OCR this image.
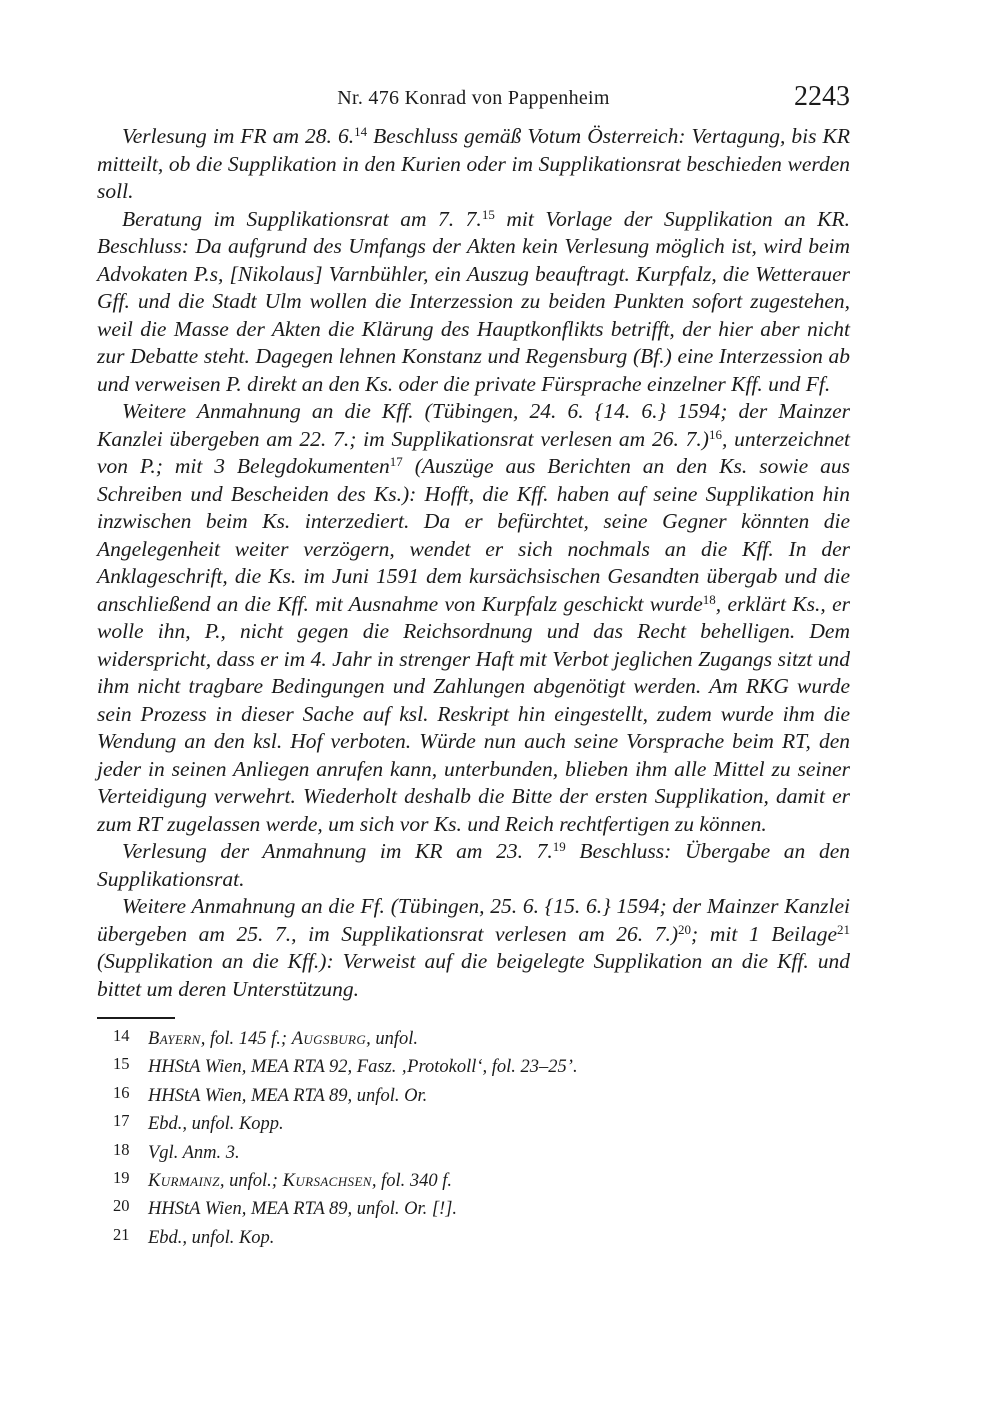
Nr. 476 Konrad von Pappenheim	2243

Verlesung im FR am 28. 6.14 Beschluss gemäß Votum Österreich: Vertagung, bis KR mitteilt, ob die Supplikation in den Kurien oder im Supplikationsrat beschieden werden soll.

Beratung im Supplikationsrat am 7. 7.15 mit Vorlage der Supplikation an KR. Beschluss: Da aufgrund des Umfangs der Akten kein Verlesung möglich ist, wird beim Advokaten P.s, [Nikolaus] Varnbühler, ein Auszug beauftragt. Kurpfalz, die Wetterauer Gff. und die Stadt Ulm wollen die Interzession zu beiden Punkten sofort zugestehen, weil die Masse der Akten die Klärung des Hauptkonflikts betrifft, der hier aber nicht zur Debatte steht. Dagegen lehnen Konstanz und Regensburg (Bf.) eine Interzession ab und verweisen P. direkt an den Ks. oder die private Fürsprache einzelner Kff. und Ff.

Weitere Anmahnung an die Kff. (Tübingen, 24. 6. {14. 6.} 1594; der Mainzer Kanzlei übergeben am 22. 7.; im Supplikationsrat verlesen am 26. 7.)$^{16}$, unterzeichnet von P.; mit 3 Belegdokumenten$^{17}$ (Auszüge aus Berichten an den Ks. sowie aus Schreiben und Bescheiden des Ks.): Hofft, die Kff. haben auf seine Supplikation hin inzwischen beim Ks. interzediert. Da er befürchtet, seine Gegner könnten die Angelegenheit weiter verzögern, wendet er sich nochmals an die Kff. In der Anklageschrift, die Ks. im Juni 1591 dem kursächsischen Gesandten übergab und die anschließend an die Kff. mit Ausnahme von Kurpfalz geschickt wurde$^{18}$, erklärt Ks., er wolle ihn, P., nicht gegen die Reichsordnung und das Recht behelligen. Dem widerspricht, dass er im 4. Jahr in strenger Haft mit Verbot jeglichen Zugangs sitzt und ihm nicht tragbare Bedingungen und Zahlungen abgenötigt werden. Am RKG wurde sein Prozess in dieser Sache auf ksl. Reskript hin eingestellt, zudem wurde ihm die Wendung an den ksl. Hof verboten. Würde nun auch seine Vorsprache beim RT, den jeder in seinen Anliegen anrufen kann, unterbunden, blieben ihm alle Mittel zu seiner Verteidigung verwehrt. Wiederholt deshalb die Bitte der ersten Supplikation, damit er zum RT zugelassen werde, um sich vor Ks. und Reich rechtfertigen zu können.

Verlesung der Anmahnung im KR am 23. 7.19 Beschluss: Übergabe an den Supplikationsrat.

Weitere Anmahnung an die Ff. (Tübingen, 25. 6. {15. 6.} 1594; der Mainzer Kanzlei übergeben am 25. 7., im Supplikationsrat verlesen am 26. 7.)$^{20}$; mit 1 Beilage$^{21}$ (Supplikation an die Kff.): Verweist auf die beigelegte Supplikation an die Kff. und bittet um deren Unterstützung.

14 Bayern, fol. 145 f.; Augsburg, unfol.

15 HHStA Wien, MEA RTA 92, Fasz. ‚Protokoll‘, fol. 23–25’.

16 HHStA Wien, MEA RTA 89, unfol. Or.

17 Ebd., unfol. Kopp.

18 Vgl. Anm. 3.

19 Kurmainz, unfol.; Kursachsen, fol. 340 f.

20 HHStA Wien, MEA RTA 89, unfol. Or. [!].

21 Ebd., unfol. Kop.
